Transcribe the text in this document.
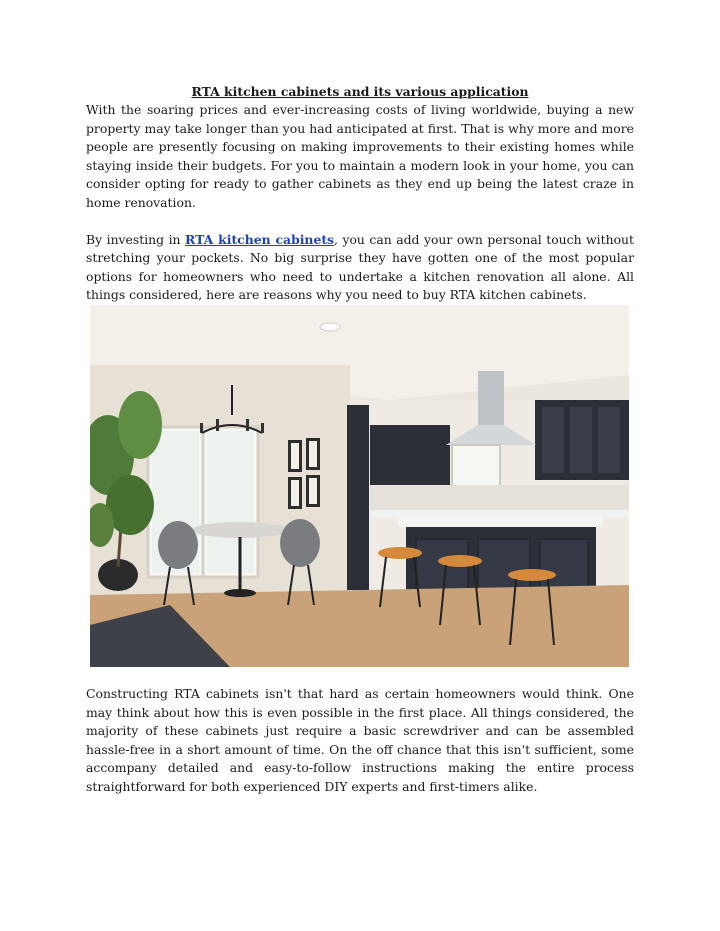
RTA kitchen cabinets and its various application

With the soaring prices and ever-increasing costs of living worldwide, buying a new property may take longer than you had anticipated at first. That is why more and more people are presently focusing on making improvements to their existing homes while staying inside their budgets. For you to maintain a modern look in your home, you can consider opting for ready to gather cabinets as they end up being the latest craze in home renovation.

By investing in RTA kitchen cabinets, you can add your own personal touch without stretching your pockets. No big surprise they have gotten one of the most popular options for homeowners who need to undertake a kitchen renovation all alone. All things considered, here are reasons why you need to buy RTA kitchen cabinets.

Constructing RTA cabinets isn't that hard as certain homeowners would think. One may think about how this is even possible in the first place. All things considered, the majority of these cabinets just require a basic screwdriver and can be assembled hassle-free in a short amount of time. On the off chance that this isn't sufficient, some accompany detailed and easy-to-follow instructions making the entire process straightforward for both experienced DIY experts and first-timers alike.
